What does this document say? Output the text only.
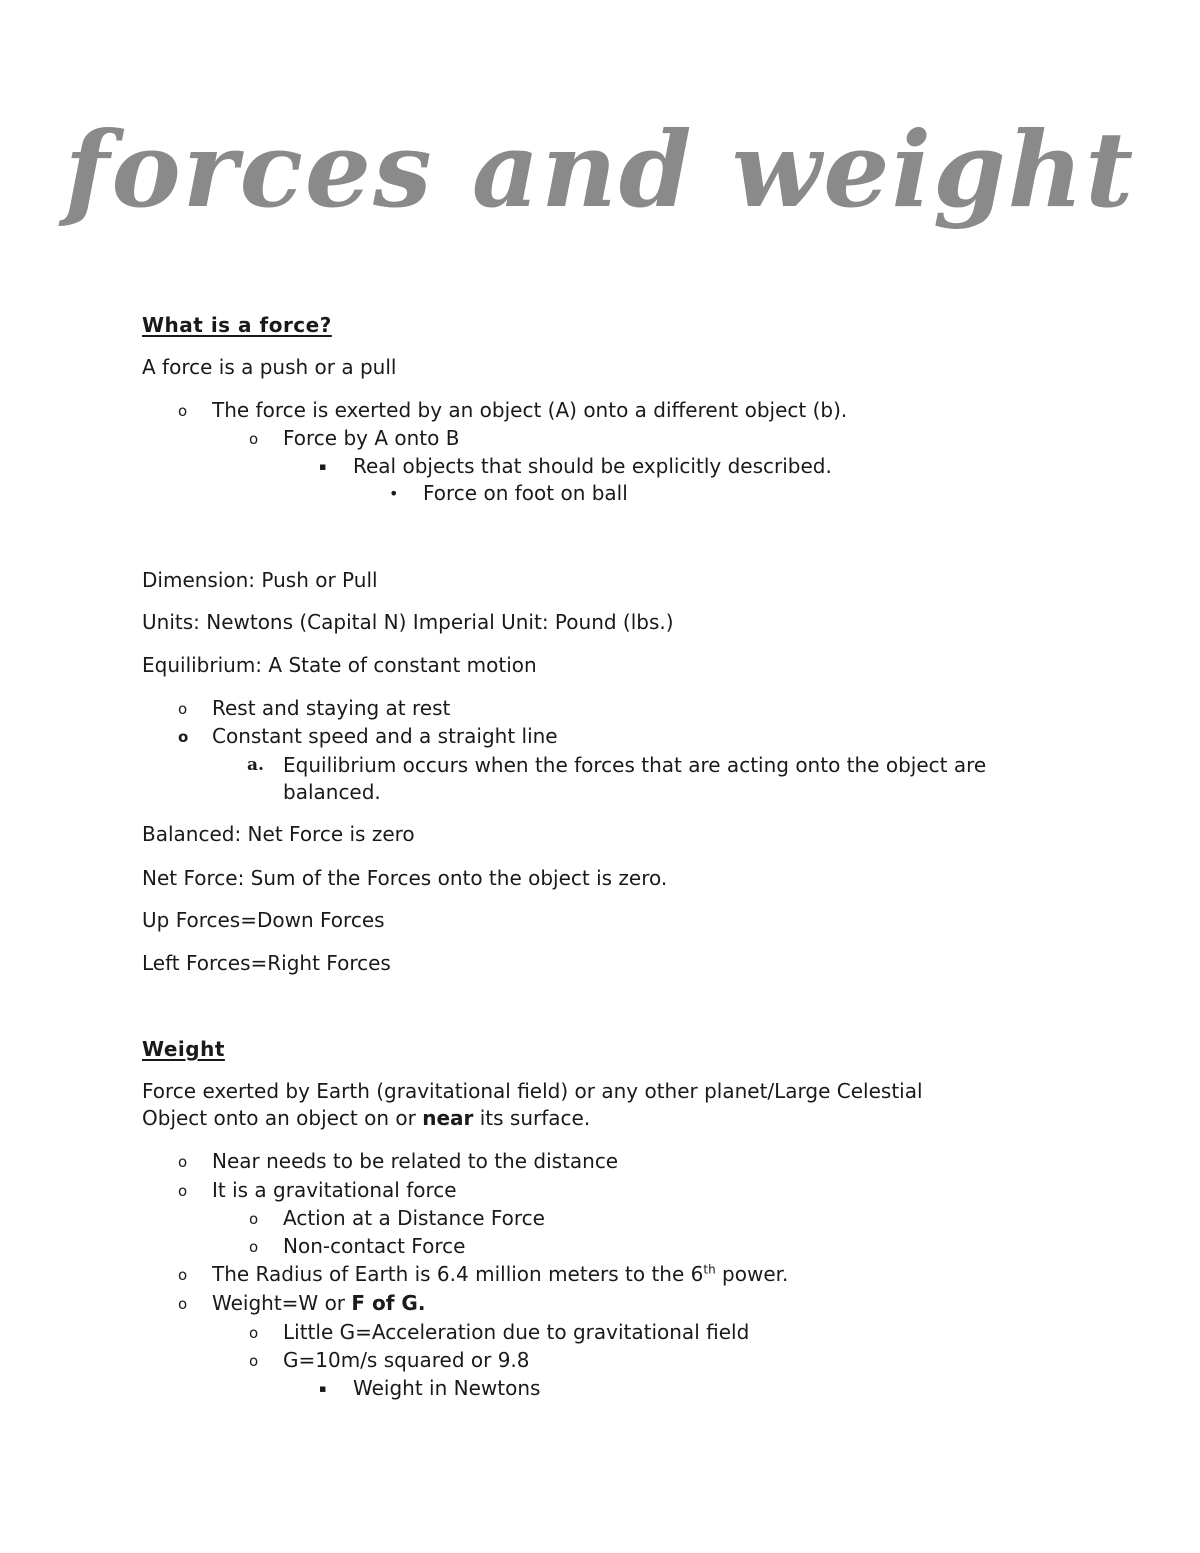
forces and weight
What is a force?
A force is a push or a pull
o The force is exerted by an object (A) onto a different object (b).
o Force by A onto B
▪ Real objects that should be explicitly described.
• Force on foot on ball
Dimension: Push or Pull
Units: Newtons (Capital N) Imperial Unit: Pound (lbs.)
Equilibrium: A State of constant motion
o Rest and staying at rest
o Constant speed and a straight line
a. Equilibrium occurs when the forces that are acting onto the object are
balanced.
Balanced: Net Force is zero
Net Force: Sum of the Forces onto the object is zero.
Up Forces=Down Forces
Left Forces=Right Forces
Weight
Force exerted by Earth (gravitational field) or any other planet/Large Celestial
Object onto an object on or near its surface.
o Near needs to be related to the distance
o It is a gravitational force
o Action at a Distance Force
o Non-contact Force
o The Radius of Earth is 6.4 million meters to the 6th power.
o Weight=W or F of G.
o Little G=Acceleration due to gravitational field
o G=10m/s squared or 9.8
▪ Weight in Newtons
